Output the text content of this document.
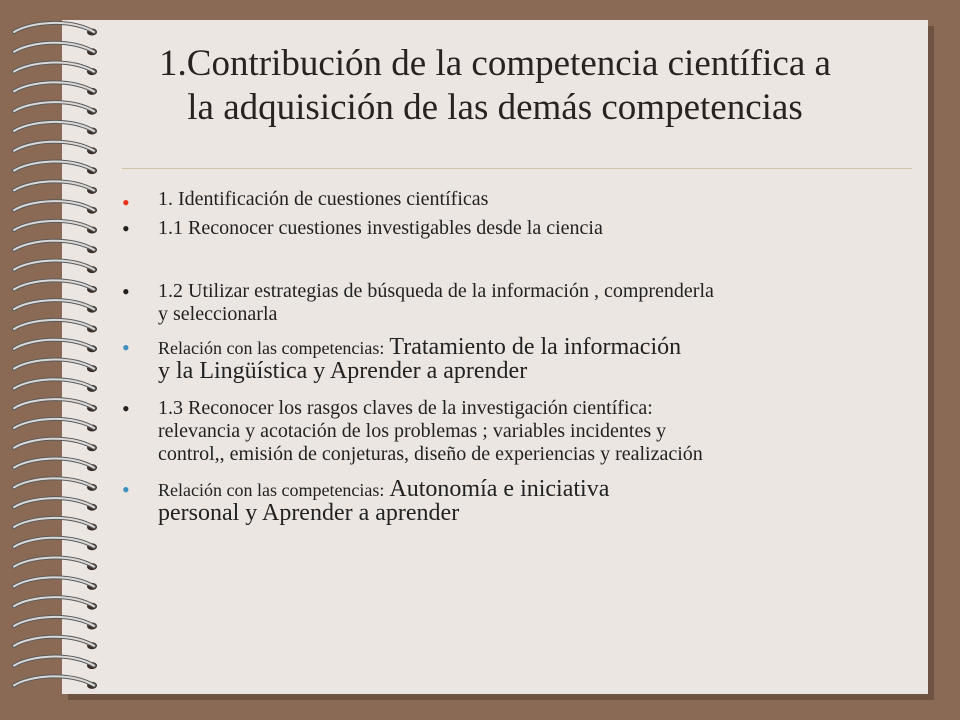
1.Contribución de la competencia científica a
la adquisición de las demás competencias
• 1. Identificación de cuestiones científicas
• 1.1 Reconocer cuestiones investigables desde la ciencia
• 1.2 Utilizar estrategias de búsqueda de la información , comprenderla
y seleccionarla
• Relación con las competencias: Tratamiento de la información
y la Lingüística y Aprender a aprender
• 1.3 Reconocer los rasgos claves de la investigación científica:
relevancia y acotación de los problemas ; variables incidentes y
control,, emisión de conjeturas, diseño de experiencias y realización
• Relación con las competencias: Autonomía e iniciativa
personal y Aprender a aprender
